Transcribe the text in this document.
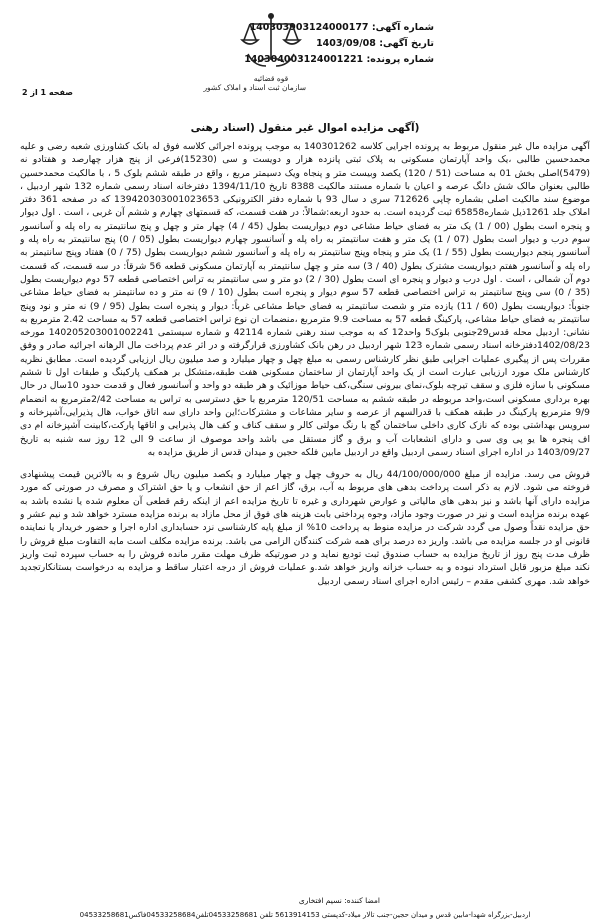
شماره آگهی: 140303903124000177
تاریخ آگهی: 1403/09/08
شماره پرونده: 140304003124001221
قوه قضائیه
سازمان ثبت اسناد و املاک کشور
صفحه 1 از 2
(آگهی مزایده اموال غیر منقول (اسناد رهنی

آگهی مزایده مال غیر منقول مربوط به پرونده اجرایی کلاسه 140301262 به موجب پرونده اجرائی کلاسه فوق له بانک کشاورزی شعبه رضی و علیه محمدحسین طالبی ،یک واحد آپارتمان مسکونی به پلاک ثبتی پانزده هزار و دویست و سی (15230)فرعی از پنج هزار چهارصد و هفتادو نه (5479)اصلی بخش 01 به مساحت (51 / 120) یکصد وبیست متر و پنجاه ویک دسیمتر مربع ، واقع در طبقه ششم بلوک 5 ، با مالکیت محمدحسین طالبی بعنوان مالک شش دانگ عرصه و اعیان با شماره مستند مالکیت 8388 تاریخ 1394/11/10 دفترخانه اسناد رسمی شماره 132 شهر اردبیل ، موضوع سند مالکیت اصلی بشماره چاپی 712626 سری د سال 93 با شماره دفتر الکترونیکی 139420303001023653 که در صفحه 361 دفتر املاک جلد 1261ذیل شماره65858 ثبت گردیده است. به حدود اربعه:شمالاً: در هفت قسمت، که قسمتهای چهارم و ششم آن غربی ، است . اول دیوار و پنجره است بطول (00 / 1) یک متر به فضای حیاط مشاعی دوم دیواریست بطول (45 / 4) چهار متر و چهل و پنج سانتیمتر به راه پله و آسانسور سوم درب و دیوار است بطول (07 / 1) یک متر و هفت سانتیمتر به راه پله و آسانسور چهارم دیواریست بطول (05 / 0) پنج سانتیمتر به راه پله و آسانسور پنجم دیواریست بطول (55 / 1) یک متر و پنجاه وپنج سانتیمتر به راه پله و آسانسور ششم دیواریست بطول (75 / 0) هفتاد وپنج سانتیمتر به راه پله و آسانسور هفتم دیواریست مشترک بطول (40 / 3) سه متر و چهل سانتیمتر به آپارتمان مسکونی قطعه 56 شرقاً: در سه قسمت، که قسمت دوم آن شمالی ، است . اول درب و دیوار و پنجره ای است بطول (30 / 2) دو متر و سی سانتیمتر به تراس اختصاصی قطعه 57 دوم دیواریست بطول (35 / 0) سی وپنج سانتیمتر به تراس اختصاصی قطعه 57 سوم دیوار و پنجره است بطول (10 / 9) نه متر و ده سانتیمتر به فضای حیاط مشاعی جنوباً: دیواریست بطول (60 / 11) یازده متر و شصت سانتیمتر به فضای حیاط مشاعی غرباً: دیوار و پنجره است بطول (95 / 9) نه متر و نود وپنج سانتیمتر به فضای حیاط مشاعی، پارکینگ قطعه 57 به مساحت 9.9 مترمربع ،منضمات ان نوع تراس اختصاصی قطعه 57 به مساحت 2.42 مترمربع به نشانی: اردبیل محله قدس29جنوبی بلوک5 واحد12 که به موجب سند رهنی شماره 42114 و شماره سیستمی 140205203001002241 مورخه 1402/08/23دفترخانه اسناد رسمی شماره 123 شهر اردبیل در رهن بانک کشاورزی قرارگرفته و در اثر عدم پرداخت مال الرهانه اجرائیه صادر و وفق مقررات پس از پیگیری عملیات اجرایی طبق نظر کارشناس رسمی به مبلغ چهل و چهار میلیارد و صد میلیون ریال ارزیابی گردیده است. مطابق نظریه کارشناس ملک مورد ارزیابی عبارت است از یک واحد آپارتمان از ساختمان مسکونی هفت طبقه،متشکل بر همکف پارکینگ و طبقات اول تا ششم مسکونی با سازه فلزی و سقف تیرچه بلوک،نمای بیرونی سنگی،کف حیاط موزائیک و هر طبقه دو واحد و آسانسور فعال و قدمت حدود 10سال در حال بهره برداری مسکونی است،واحد مربوطه در طبقه ششم به مساحت 120/51 مترمربع با حق دسترسی به تراس به مساحت 2/42مترمربع به انضمام 9/9 مترمربع پارکینگ در طبقه همکف با قدرالسهم از عرصه و سایر مشاعات و مشترکات؛این واحد دارای سه اتاق خواب، هال پذیرایی،آشپزخانه و سرویس بهداشتی بوده که نازک کاری داخلی ساختمان گچ با رنگ مولتی کالر و سقف کناف و کف هال پذیرایی و اتاقها پارکت،کابینت آشپزخانه ام دی اف پنجره ها یو پی وی سی و دارای انشعابات آب و برق و گاز مستقل می باشد واحد موصوف از ساعت 9 الی 12 روز سه شنبه به تاریخ 1403/09/27 در اداره اجرای اسناد رسمی اردبیل واقع در اردبیل مابین فلکه حجین و میدان قدس از طریق مزایده به

فروش می رسد. مزایده از مبلغ 44/100/000/000 ریال به حروف چهل و چهار میلیارد و یکصد میلیون ریال شروع و به بالاترین قیمت پیشنهادی فروخته می شود. لازم به ذکر است پرداخت بدهی های مربوط به آب، برق، گاز اعم از حق انشعاب و یا حق اشتراک و مصرف در صورتی که مورد مزایده دارای آنها باشد و نیز بدهی های مالیاتی و عوارض شهرداری و غیره تا تاریخ مزایده اعم از اینکه رقم قطعی آن معلوم شده یا نشده باشد به عهده برنده مزایده است و نیز در صورت وجود مازاد، وجوه پرداختی بابت هزینه های فوق از محل مازاد به برنده مزایده مسترد خواهد شد و نیم عشر و حق مزایده نقداً وصول می گردد شرکت در مزایده منوط به پرداخت 10% از مبلغ پایه کارشناسی نزد حسابداری اداره اجرا و حضور خریدار یا نماینده قانونی او در جلسه مزایده می باشد. واریز ده درصد برای همه شرکت کنندگان الزامی می باشد. برنده مزایده مکلف است مابه التفاوت مبلغ فروش را ظرف مدت پنج روز از تاریخ مزایده به حساب صندوق ثبت تودیع نماید و در صورتیکه ظرف مهلت مقرر مانده فروش را به حساب سپرده ثبت واریز نکند مبلغ مزبور قابل استرداد نبوده و به حساب خزانه واریز خواهد شد.و عملیات فروش از درجه اعتبار ساقط و مزایده به درخواست بستانکارتجدید خواهد شد. مهری کشفی مقدم – رئیس اداره اجرای اسناد رسمی اردبیل

امضا کننده: نسیم افتخاری
اردبیل-بزرگراه شهدا-مابین قدس و میدان حجین-جنب تالار میلاد-کدپستی 5613914153 تلفن 04533258681تلفن04533258684فاکس04533258681
